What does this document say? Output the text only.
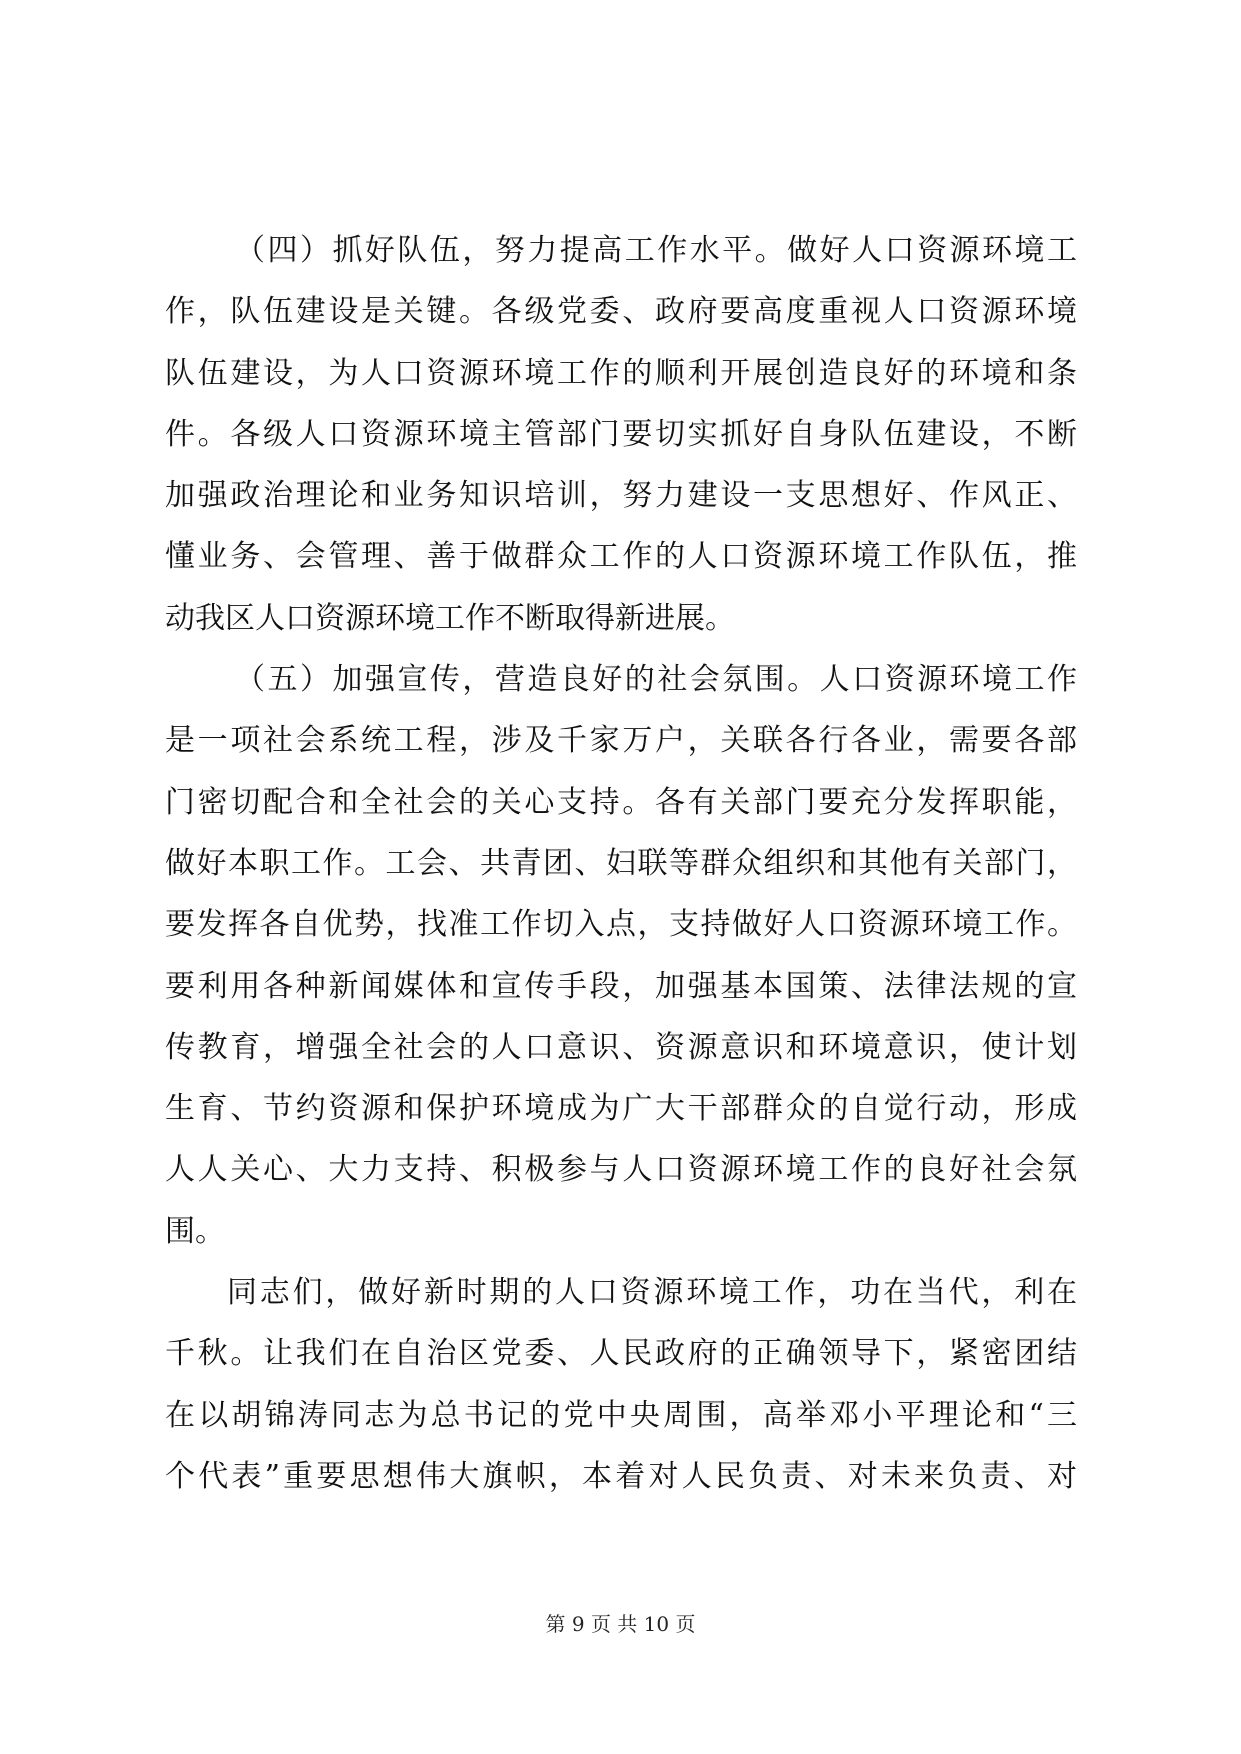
（四）抓好队伍，努力提高工作水平。做好人口资源环境工
作，队伍建设是关键。各级党委、政府要高度重视人口资源环境
队伍建设，为人口资源环境工作的顺利开展创造良好的环境和条
件。各级人口资源环境主管部门要切实抓好自身队伍建设，不断
加强政治理论和业务知识培训，努力建设一支思想好、作风正、
懂业务、会管理、善于做群众工作的人口资源环境工作队伍，推
动我区人口资源环境工作不断取得新进展。
（五）加强宣传，营造良好的社会氛围。人口资源环境工作
是一项社会系统工程，涉及千家万户，关联各行各业，需要各部
门密切配合和全社会的关心支持。各有关部门要充分发挥职能，
做好本职工作。工会、共青团、妇联等群众组织和其他有关部门，
要发挥各自优势，找准工作切入点，支持做好人口资源环境工作。
要利用各种新闻媒体和宣传手段，加强基本国策、法律法规的宣
传教育，增强全社会的人口意识、资源意识和环境意识，使计划
生育、节约资源和保护环境成为广大干部群众的自觉行动，形成
人人关心、大力支持、积极参与人口资源环境工作的良好社会氛
围。
同志们，做好新时期的人口资源环境工作，功在当代，利在
千秋。让我们在自治区党委、人民政府的正确领导下，紧密团结
在以胡锦涛同志为总书记的党中央周围，高举邓小平理论和“三
个代表”重要思想伟大旗帜，本着对人民负责、对未来负责、对
第 9 页 共 10 页
